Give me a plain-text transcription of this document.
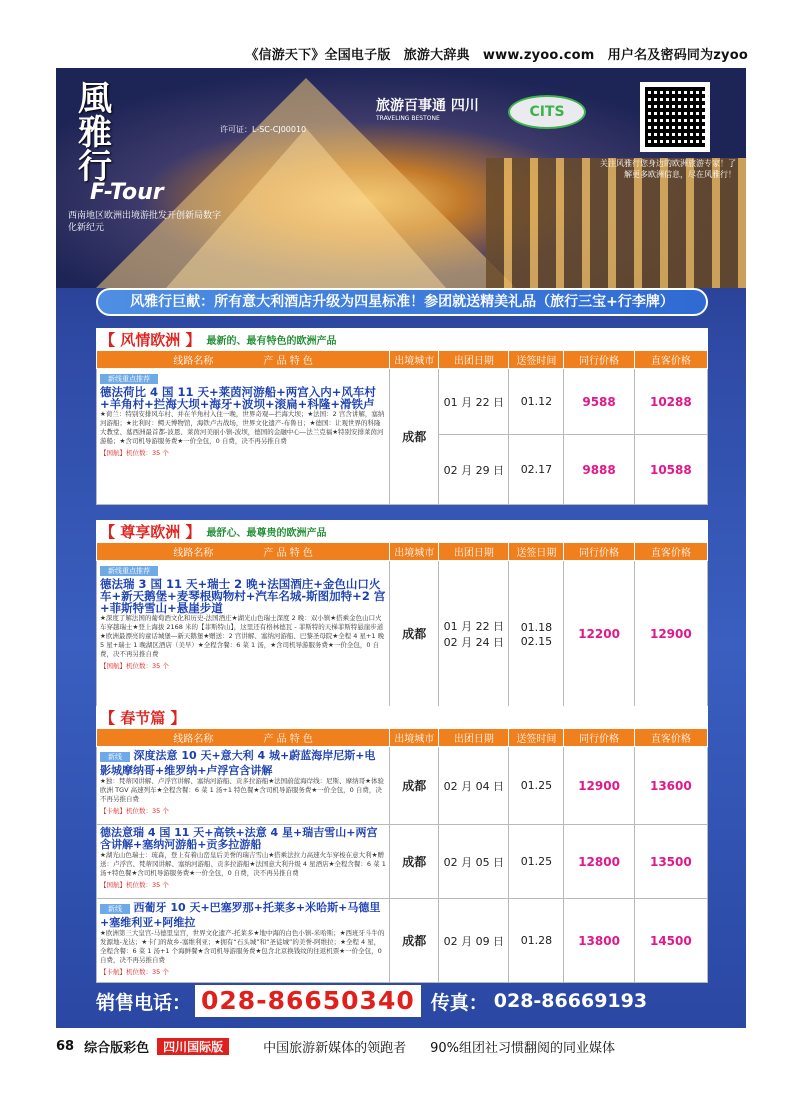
《信游天下》全国电子版　旅游大辞典　www.zyoo.com　用户名及密码同为zyoo
風雅行
F-Tour
西南地区欧洲出境游批发开创新局数字化新纪元
许可证：L-SC-CJ00010
旅游百事通 四川
TRAVELING BESTONE	CITS
关注风雅行您身边的欧洲旅游专家！了解更多欧洲信息，尽在风雅行！
风雅行巨献：所有意大利酒店升级为四星标准！参团就送精美礼品（旅行三宝+行李牌）
【 风情欧洲 】 最新的、最有特色的欧洲产品
线路名称　　　　　 产 品 特 色	出境城市	出团日期	送签时间	同行价格	直客价格
新线重点推荐
德法荷比 4 国 11 天+莱茵河游船+两宫入内+风车村+羊角村+拦海大坝+海牙+波坝+滚扁+科隆+滑铁卢
★荷兰：特别安排风车村、并在羊角村入住一晚，世界奇观—拦海大坝；★法国：2 宫含讲解，塞纳河游船；★比利时：鳄天博物馆，海铁卢古战场，世界文化遗产-布鲁日；★德国：让观世界的科隆大教堂、墓西洲最首都-波恩、莱茵河美丽小镇-波坝，德国的金融中心—法兰克福★特别安排莱茵河游船；★含司机导游服务费★一价全包，0 自费，决不再另推自费
【国航】机位数：35 个	成都	01 月 22 日	01.12	9588	10288
		02 月 29 日	02.17	9888	10588
【 尊享欧洲 】 最舒心、最尊贵的欧洲产品
线路名称　　　　　 产 品 特 色	出境城市	出团日期	送签日期	同行价格	直客价格
新线重点推荐
德法瑞 3 国 11 天+瑞士 2 晚+法国酒庄+金色山口火车+新天鹅堡+麦琴根购物村+汽车名城-斯图加特+2 宫+菲斯特雪山+悬崖步道
★深度了解法国的葡萄酒文化和历史-法国酒庄★湖光山色瑞士深度 2 晚：双小镇★搭乘金色山口火车穿越瑞士★登上海拔 2168 米的【菲斯特山】，这里还有格林德瓦 - 菲斯特的天梯菲斯特悬崖步道★欧洲最漂亮的童话城堡—新天鹅堡★赠送：2 宫讲解、塞纳河游船、巴黎圣母院★全程 4 星+1 晚 5 星+瑞士 1 晚湖区酒店（美早）★全程含餐：6 菜 1 汤，★含司机导游服务费★一价全包，0 自费，决不再另推自费
【国航】机位数：35 个	成都	01 月 22 日　02 月 24 日	01.18　02.15	12200	12900
【 春节篇 】
线路名称　　　　　 产 品 特 色	出境城市	出团日期	送签时间	同行价格	直客价格

新线 深度法意 10 天+意大利 4 城+蔚蓝海岸尼斯+电影城摩纳哥+维罗纳+卢浮宫含讲解
★独：梵蒂冈讲解、卢浮宫讲解、塞纳河游船、贡多拉游船★法国蔚蓝海岸线：尼斯、摩纳哥★体验欧洲 TGV 高速列车★全程含餐：6 菜 1 汤+1 特色餐★含司机导游服务费★一价全包，0 自费，决不再另推自费
【卡航】机位数：35 个	成都	02 月 04 日	01.25	12900	13600

德法意瑞 4 国 11 天+高铁+法意 4 星+瑞吉雪山+两宫含讲解+塞纳河游船+贡多拉游船
★湖光山色瑞士：琉森，登上有着山峦皇后美誉的瑞吉雪山★搭乘法拉力高速火车穿梭在意大利★赠送：卢浮宫、梵蒂冈讲解、塞纳河游船、贡多拉游船★法国意大利升级 4 星酒店★全程含餐：6 菜 1 汤+特色餐★含司机导游服务费★一价全包，0 自费，决不再另推自费
【国航】机位数：35 个	成都	02 月 05 日	01.25	12800	13500

新线 西葡牙 10 天+巴塞罗那+托莱多+米哈斯+马德里+塞维利亚+阿维拉
★欧洲第三大皇宫-马德里皇宫，世界文化遗产-托莱多★地中海的白色小镇-米哈斯；★西班牙斗牛的发源地-龙达；★卡门的故乡-塞维利亚；★拥有“石头城”和“圣徒城”的美誉-阿维拉；★全程 4 星，全程含餐：6 菜 1 汤+1 个海鲜餐★含司机导游服务费★包含北京换钱纹的往返机票★一价全包，0 自费，决不再另推自费
【卡航】机位数：35 个	成都	02 月 09 日	01.28	13800	14500
销售电话： 028-86650340 传真： 028-86669193
68 综合版彩色	四川国际版	中国旅游新媒体的领跑者 90%组团社习惯翻阅的同业媒体
